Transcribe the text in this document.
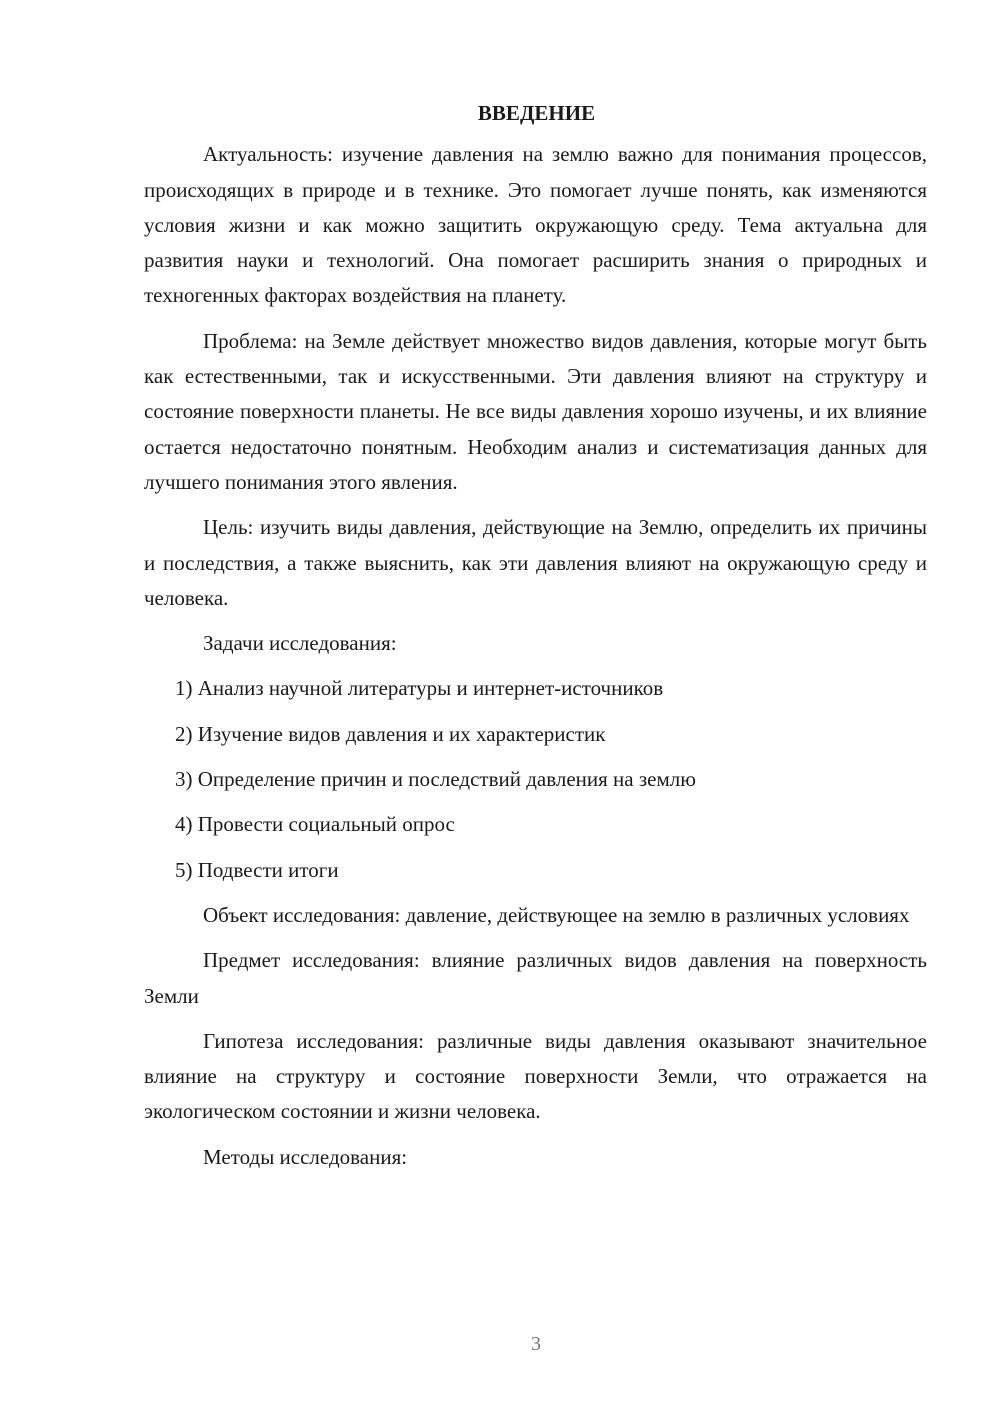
ВВЕДЕНИЕ

Актуальность: изучение давления на землю важно для понимания процессов, происходящих в природе и в технике. Это помогает лучше понять, как изменяются условия жизни и как можно защитить окружающую среду. Тема актуальна для развития науки и технологий. Она помогает расширить знания о природных и техногенных факторах воздействия на планету.

Проблема: на Земле действует множество видов давления, которые могут быть как естественными, так и искусственными. Эти давления влияют на структуру и состояние поверхности планеты. Не все виды давления хорошо изучены, и их влияние остается недостаточно понятным. Необходим анализ и систематизация данных для лучшего понимания этого явления.

Цель: изучить виды давления, действующие на Землю, определить их причины и последствия, а также выяснить, как эти давления влияют на окружающую среду и человека.

Задачи исследования:

1) Анализ научной литературы и интернет-источников
2) Изучение видов давления и их характеристик
3) Определение причин и последствий давления на землю
4) Провести социальный опрос
5) Подвести итоги

Объект исследования: давление, действующее на землю в различных условиях

Предмет исследования: влияние различных видов давления на поверхность Земли

Гипотеза исследования: различные виды давления оказывают значительное влияние на структуру и состояние поверхности Земли, что отражается на экологическом состоянии и жизни человека.

Методы исследования:

3
